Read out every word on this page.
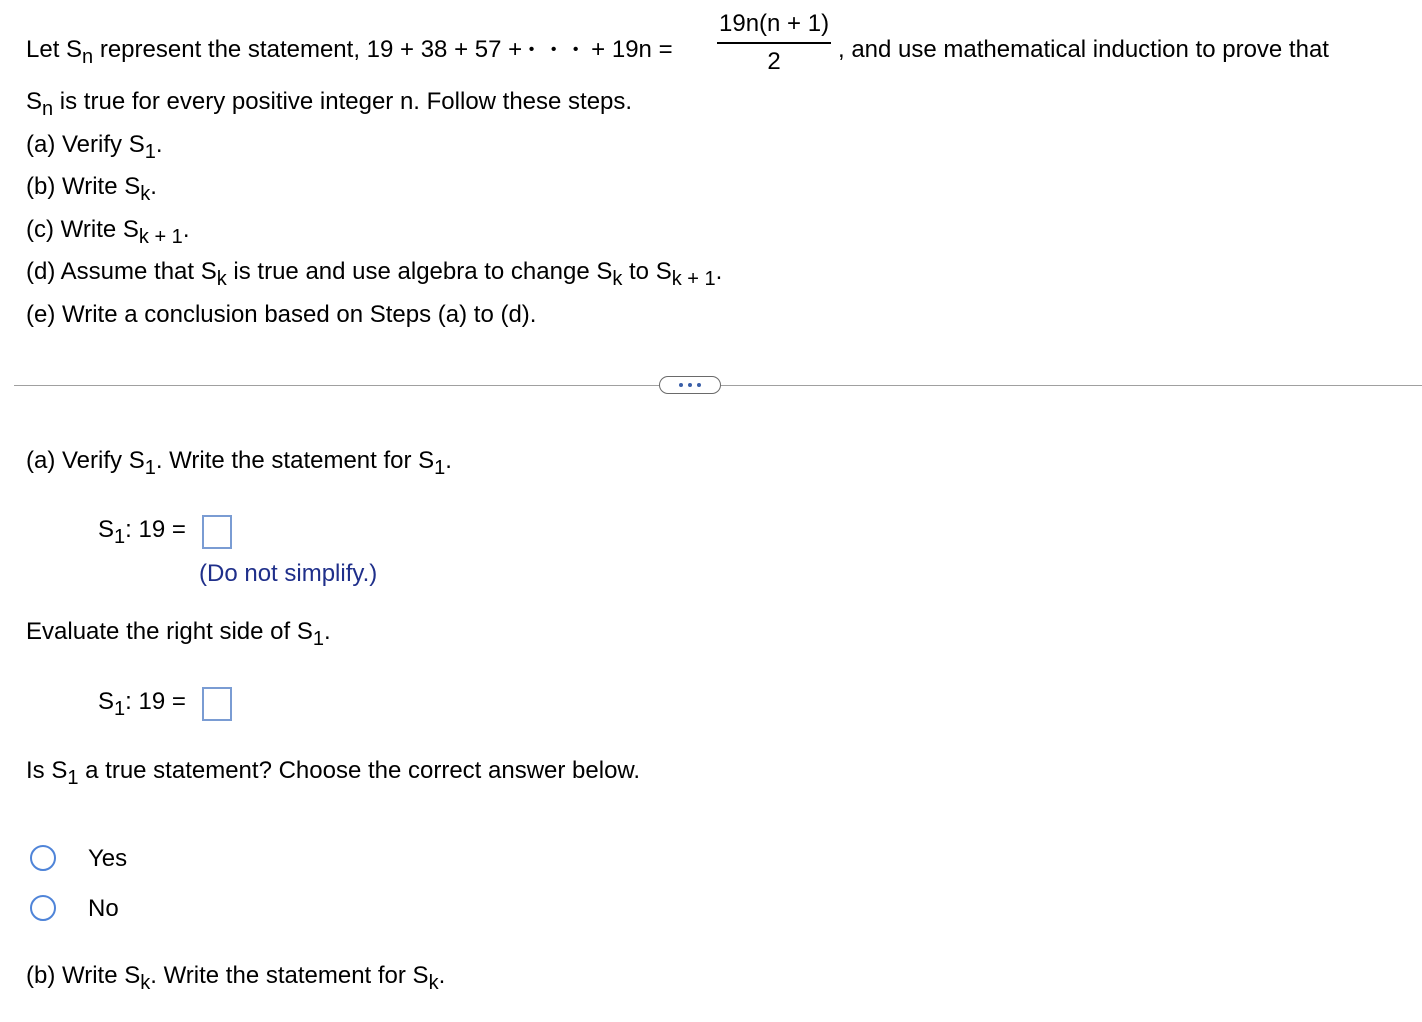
Let $S_n$ represent the statement, 19 + 38 + 57 + • • • + 19n =
19n(n + 1)
2 , and use mathematical induction to prove that
$S_n$ is true for every positive integer n. Follow these steps.
(a) Verify $S_1$.
(b) Write $S_k$.
(c) Write $S_{k + 1}$.
(d) Assume that $S_k$ is true and use algebra to change $S_k$ to $S_{k + 1}$.
(e) Write a conclusion based on Steps (a) to (d).
(a) Verify $S_1$. Write the statement for $S_1$.
$S_1$: 19 =
(Do not simplify.)
Evaluate the right side of $S_1$.
$S_1$: 19 =
Is $S_1$ a true statement? Choose the correct answer below.
Yes
No
(b) Write $S_k$. Write the statement for $S_k$.
